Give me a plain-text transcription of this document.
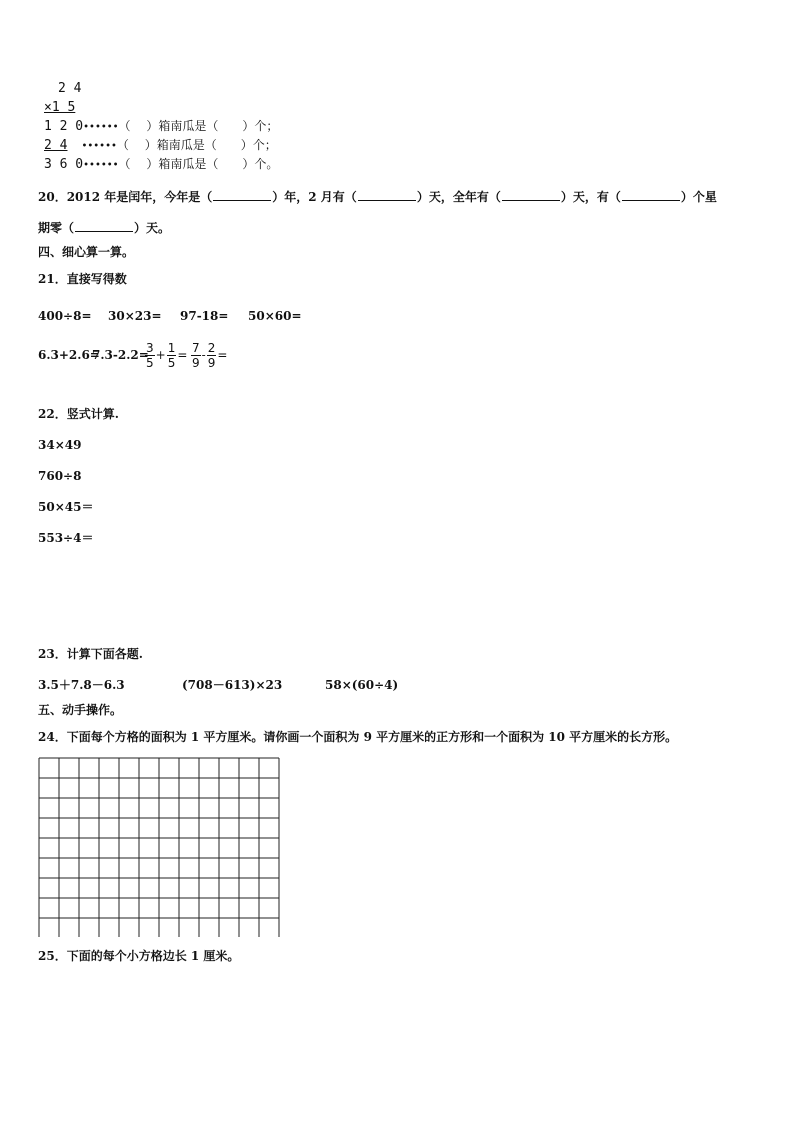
2 4
×1 5
1 2 0••••••（　 ）箱南瓜是（　　）个；
2 4 ••••••（　 ）箱南瓜是（　　）个；
3 6 0••••••（　 ）箱南瓜是（　　）个。
20．2012 年是闰年，今年是（	）年，2 月有（	）天，全年有（	）天，有（	）个星
期零（	）天。
四、细心算一算。
21．直接写得数
400÷8= 30×23= 97-18= 50×60=
6.3+2.6=
7.3-2.2=
$\frac{3}{5} + \frac{1}{5} = \frac{7}{9} - \frac{2}{9}$ =
22．竖式计算.
34×49
760÷8
50×45＝
553÷4＝
23．计算下面各题.
3.5＋7.8－6.3	(708－613)×23	58×(60÷4)
五、动手操作。
24．下面每个方格的面积为 1 平方厘米。请你画一个面积为 9 平方厘米的正方形和一个面积为 10 平方厘米的长方形。
25．下面的每个小方格边长 1 厘米。
